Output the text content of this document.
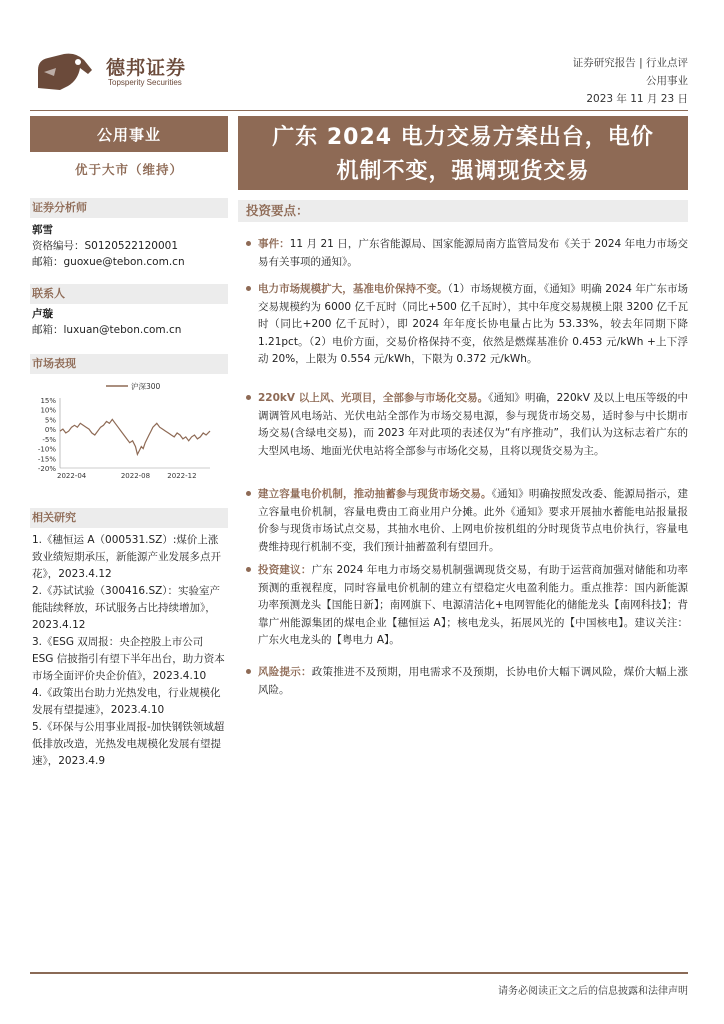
德邦证券
Topsperity Securities
证券研究报告 | 行业点评
公用事业
2023 年 11 月 23 日
公用事业
优于大市（维持）
证券分析师
郭雪
资格编号：S0120522120001
邮箱：guoxue@tebon.com.cn
联系人
卢璇
邮箱：luxuan@tebon.com.cn
市场表现
15%
10%
5%
0%
-5%
-10%
-15%
-20%
2022-04	2022-08 2022-12
沪深300
相关研究
1.《穗恒运 A（000531.SZ）:煤价上涨致业绩短期承压，新能源产业发展多点开花》，2023.4.12
2.《苏试试验（300416.SZ）：实验室产能陆续释放，环试服务占比持续增加》，2023.4.12
3.《ESG 双周报：央企控股上市公司 ESG 信披指引有望下半年出台，助力资本市场全面评价央企价值》，2023.4.10
4.《政策出台助力光热发电，行业规模化发展有望提速》，2023.4.10
5.《环保与公用事业周报-加快钢铁领域超低排放改造，光热发电规模化发展有望提速》，2023.4.9
广东 2024 电力交易方案出台，电价
机制不变，强调现货交易
投资要点：
事件：11 月 21 日，广东省能源局、国家能源局南方监管局发布《关于 2024 年电力市场交易有关事项的通知》。
电力市场规模扩大，基准电价保持不变。（1）市场规模方面，《通知》明确 2024 年广东市场交易规模约为 6000 亿千瓦时（同比+500 亿千瓦时），其中年度交易规模上限 3200 亿千瓦时（同比+200 亿千瓦时），即 2024 年年度长协电量占比为 53.33%，较去年同期下降 1.21pct。（2）电价方面，交易价格保持不变，依然是燃煤基准价 0.453 元/kWh +上下浮动 20%，上限为 0.554 元/kWh，下限为 0.372 元/kWh。
220kV 以上风、光项目，全部参与市场化交易。《通知》明确，220kV 及以上电压等级的中调调管风电场站、光伏电站全部作为市场交易电源，参与现货市场交易，适时参与中长期市场交易(含绿电交易)，而 2023 年对此项的表述仅为“有序推动”，我们认为这标志着广东的大型风电场、地面光伏电站将全部参与市场化交易，且将以现货交易为主。
建立容量电价机制，推动抽蓄参与现货市场交易。《通知》明确按照发改委、能源局指示，建立容量电价机制，容量电费由工商业用户分摊。此外《通知》要求开展抽水蓄能电站报量报价参与现货市场试点交易，其抽水电价、上网电价按机组的分时现货节点电价执行，容量电费维持现行机制不变，我们预计抽蓄盈利有望回升。
投资建议：广东 2024 年电力市场交易机制强调现货交易，有助于运营商加强对储能和功率预测的重视程度，同时容量电价机制的建立有望稳定火电盈利能力。重点推荐：国内新能源功率预测龙头【国能日新】；南网旗下、电源清洁化+电网智能化的储能龙头【南网科技】；背靠广州能源集团的煤电企业【穗恒运 A】；核电龙头，拓展风光的【中国核电】。建议关注：广东火电龙头的【粤电力 A】。
风险提示：政策推进不及预期，用电需求不及预期，长协电价大幅下调风险，煤价大幅上涨风险。
请务必阅读正文之后的信息披露和法律声明
